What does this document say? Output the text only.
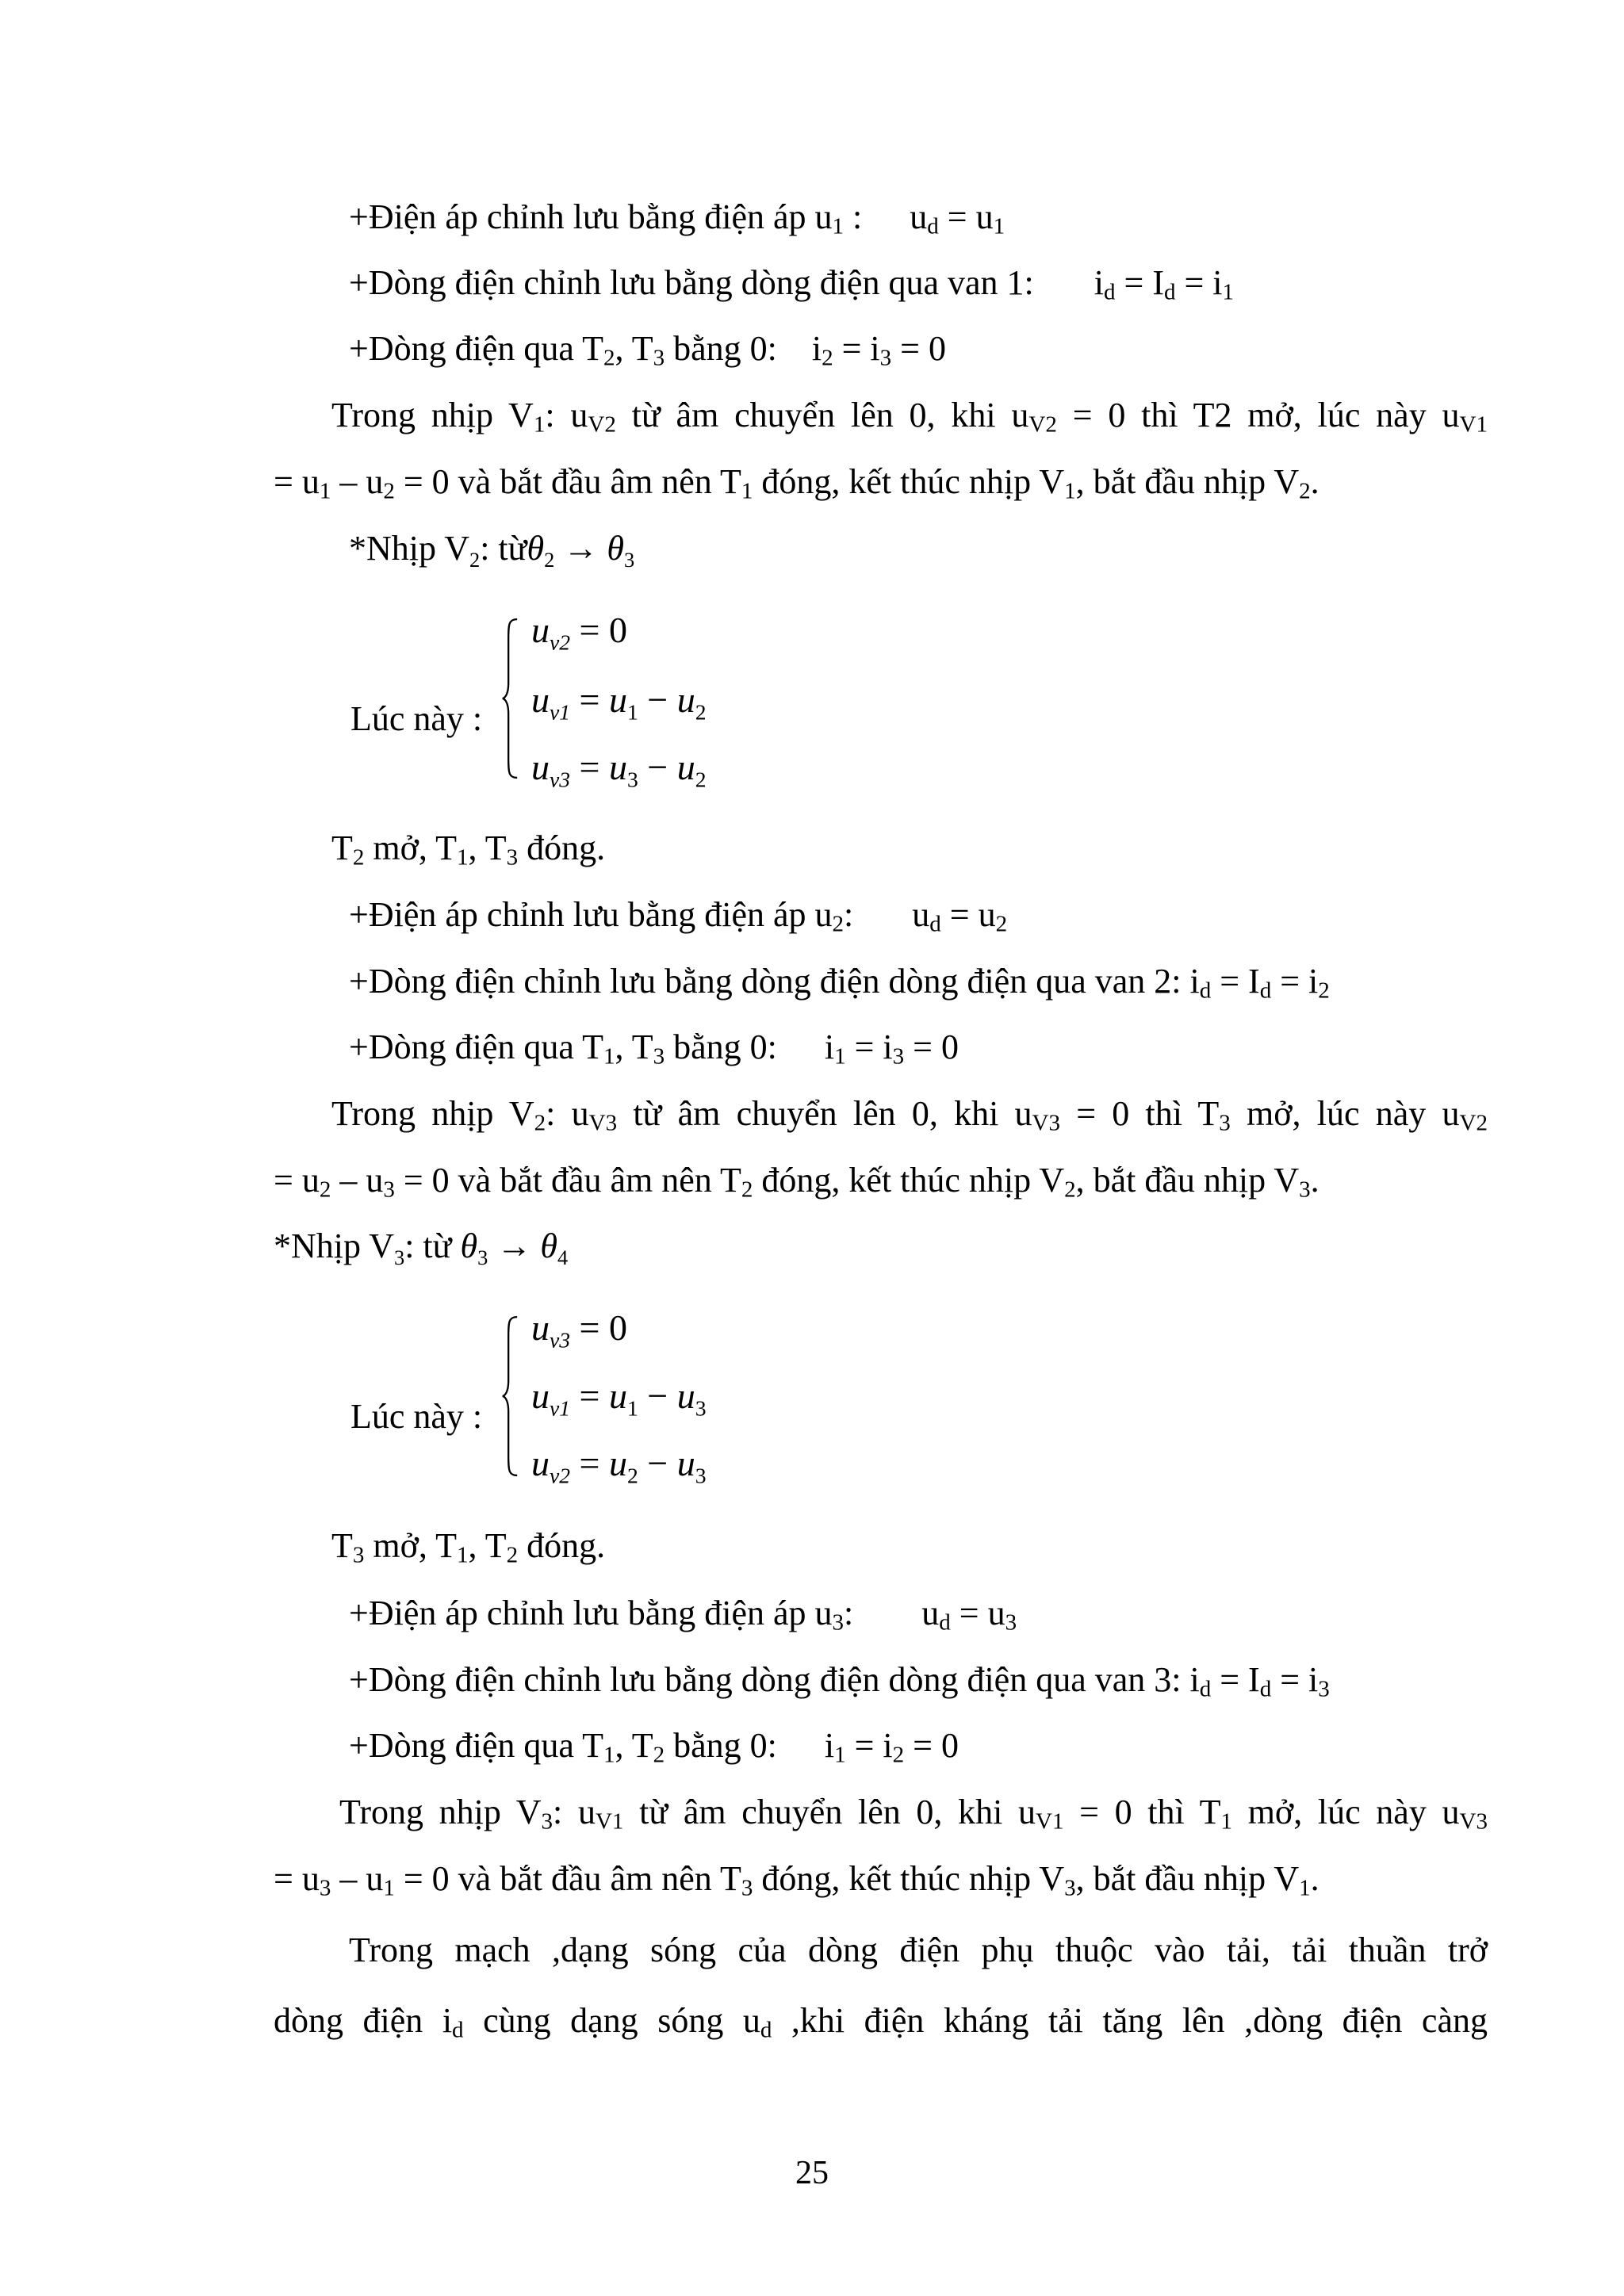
+Điện áp chỉnh lưu bằng điện áp $u_1$ : $u_d = u_1$
+Dòng điện chỉnh lưu bằng dòng điện qua van 1: $i_d = I_d = i_1$
+Dòng điện qua $T_2$, $T_3$ bằng 0: $i_2 = i_3 = 0$
Trong nhịp $V_1$: $u_{V2}$ từ âm chuyển lên 0, khi $u_{V2} = 0$ thì T2 mở, lúc này $u_{V1}$
= $u_1 - u_2 = 0$ và bắt đầu âm nên $T_1$ đóng, kết thúc nhịp $V_1$, bắt đầu nhịp $V_2$.
*Nhịp $V_2$: từθ$_2$ → $\theta_3$
Lúc này :
$u_{v2} = 0$
$u_{v1} = u_1 - u_2$
$u_{v3} = u_3 - u_2$
$T_2$ mở, $T_1$, $T_3$ đóng.
+Điện áp chỉnh lưu bằng điện áp $u_2$: $u_d = u_2$
+Dòng điện chỉnh lưu bằng dòng điện dòng điện qua van 2: $i_d = I_d = i_2$
+Dòng điện qua $T_1$, $T_3$ bằng 0: $i_1 = i_3 = 0$
Trong nhịp $V_2$: $u_{V3}$ từ âm chuyển lên 0, khi $u_{V3} = 0$ thì $T_3$ mở, lúc này $u_{V2}$
= $u_2 - u_3 = 0$ và bắt đầu âm nên $T_2$ đóng, kết thúc nhịp $V_2$, bắt đầu nhịp $V_3$.
*Nhịp $V_3$: từ $\theta_3 \to \theta_4$
Lúc này :
$u_{v3} = 0$
$u_{v1} = u_1 - u_3$
$u_{v2} = u_2 - u_3$
$T_3$ mở, $T_1$, $T_2$ đóng.
+Điện áp chỉnh lưu bằng điện áp $u_3$: $u_d = u_3$
+Dòng điện chỉnh lưu bằng dòng điện dòng điện qua van 3: $i_d = I_d = i_3$
+Dòng điện qua $T_1$, $T_2$ bằng 0: $i_1 = i_2 = 0$
Trong nhịp $V_3$: $u_{V1}$ từ âm chuyển lên 0, khi $u_{V1} = 0$ thì $T_1$ mở, lúc này $u_{V3}$
= $u_3 - u_1 = 0$ và bắt đầu âm nên $T_3$ đóng, kết thúc nhịp $V_3$, bắt đầu nhịp $V_1$.
Trong mạch ,dạng sóng của dòng điện phụ thuộc vào tải, tải thuần trở
dòng điện $i_d$ cùng dạng sóng $u_d$ ,khi điện kháng tải tăng lên ,dòng điện càng
25
